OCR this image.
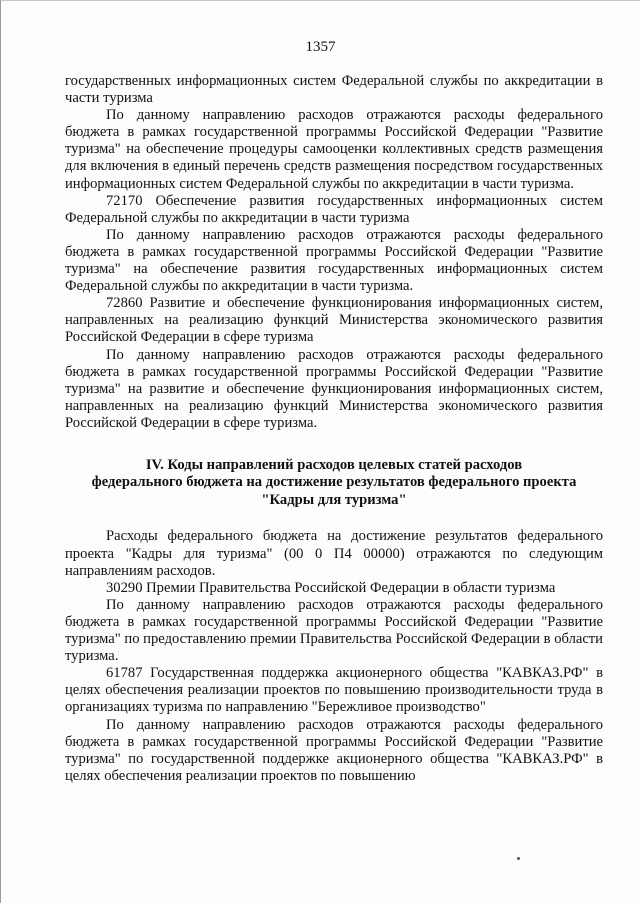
1357

государственных информационных систем Федеральной службы по аккредитации в части туризма

По данному направлению расходов отражаются расходы федерального бюджета в рамках государственной программы Российской Федерации "Развитие туризма" на обеспечение процедуры самооценки коллективных средств размещения для включения в единый перечень средств размещения посредством государственных информационных систем Федеральной службы по аккредитации в части туризма.

72170 Обеспечение развития государственных информационных систем Федеральной службы по аккредитации в части туризма

По данному направлению расходов отражаются расходы федерального бюджета в рамках государственной программы Российской Федерации "Развитие туризма" на обеспечение развития государственных информационных систем Федеральной службы по аккредитации в части туризма.

72860 Развитие и обеспечение функционирования информационных систем, направленных на реализацию функций Министерства экономического развития Российской Федерации в сфере туризма

По данному направлению расходов отражаются расходы федерального бюджета в рамках государственной программы Российской Федерации "Развитие туризма" на развитие и обеспечение функционирования информационных систем, направленных на реализацию функций Министерства экономического развития Российской Федерации в сфере туризма.

IV. Коды направлений расходов целевых статей расходов
федерального бюджета на достижение результатов федерального проекта
"Кадры для туризма"

Расходы федерального бюджета на достижение результатов федерального проекта "Кадры для туризма" (00 0 П4 00000) отражаются по следующим направлениям расходов.

30290 Премии Правительства Российской Федерации в области туризма

По данному направлению расходов отражаются расходы федерального бюджета в рамках государственной программы Российской Федерации "Развитие туризма" по предоставлению премии Правительства Российской Федерации в области туризма.

61787 Государственная поддержка акционерного общества "КАВКАЗ.РФ" в целях обеспечения реализации проектов по повышению производительности труда в организациях туризма по направлению "Бережливое производство"

По данному направлению расходов отражаются расходы федерального бюджета в рамках государственной программы Российской Федерации "Развитие туризма" по государственной поддержке акционерного общества "КАВКАЗ.РФ" в целях обеспечения реализации проектов по повышению
